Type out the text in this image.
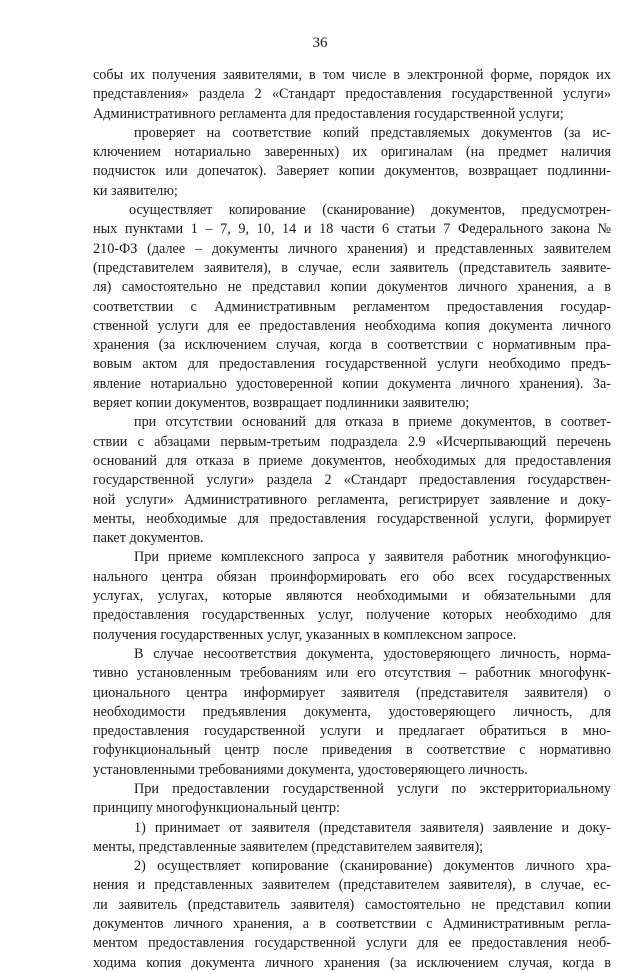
36
собы их получения заявителями, в том числе в электронной форме, порядок их
представления» раздела 2 «Стандарт предоставления государственной услуги»
Административного регламента для предоставления государственной услуги;
проверяет на соответствие копий представляемых документов (за ис-
ключением нотариально заверенных) их оригиналам (на предмет наличия
подчисток или допечаток). Заверяет копии документов, возвращает подлинни-
ки заявителю;
осуществляет копирование (сканирование) документов, предусмотрен-
ных пунктами 1 – 7, 9, 10, 14 и 18 части 6 статьи 7 Федерального закона №
210-ФЗ (далее – документы личного хранения) и представленных заявителем
(представителем заявителя), в случае, если заявитель (представитель заявите-
ля) самостоятельно не представил копии документов личного хранения, а в
соответствии с Административным регламентом предоставления государ-
ственной услуги для ее предоставления необходима копия документа личного
хранения (за исключением случая, когда в соответствии с нормативным пра-
вовым актом для предоставления государственной услуги необходимо предъ-
явление нотариально удостоверенной копии документа личного хранения). За-
веряет копии документов, возвращает подлинники заявителю;
при отсутствии оснований для отказа в приеме документов, в соответ-
ствии с абзацами первым-третьим подраздела 2.9 «Исчерпывающий перечень
оснований для отказа в приеме документов, необходимых для предоставления
государственной услуги» раздела 2 «Стандарт предоставления государствен-
ной услуги» Административного регламента, регистрирует заявление и доку-
менты, необходимые для предоставления государственной услуги, формирует
пакет документов.
При приеме комплексного запроса у заявителя работник многофункцио-
нального центра обязан проинформировать его обо всех государственных
услугах, услугах, которые являются необходимыми и обязательными для
предоставления государственных услуг, получение которых необходимо для
получения государственных услуг, указанных в комплексном запросе.
В случае несоответствия документа, удостоверяющего личность, норма-
тивно установленным требованиям или его отсутствия – работник многофунк-
ционального центра информирует заявителя (представителя заявителя) о
необходимости предъявления документа, удостоверяющего личность, для
предоставления государственной услуги и предлагает обратиться в мно-
гофункциональный центр после приведения в соответствие с нормативно
установленными требованиями документа, удостоверяющего личность.
При предоставлении государственной услуги по экстерриториальному
принципу многофункциональный центр:
1) принимает от заявителя (представителя заявителя) заявление и доку-
менты, представленные заявителем (представителем заявителя);
2) осуществляет копирование (сканирование) документов личного хра-
нения и представленных заявителем (представителем заявителя), в случае, ес-
ли заявитель (представитель заявителя) самостоятельно не представил копии
документов личного хранения, а в соответствии с Административным регла-
ментом предоставления государственной услуги для ее предоставления необ-
ходима копия документа личного хранения (за исключением случая, когда в
